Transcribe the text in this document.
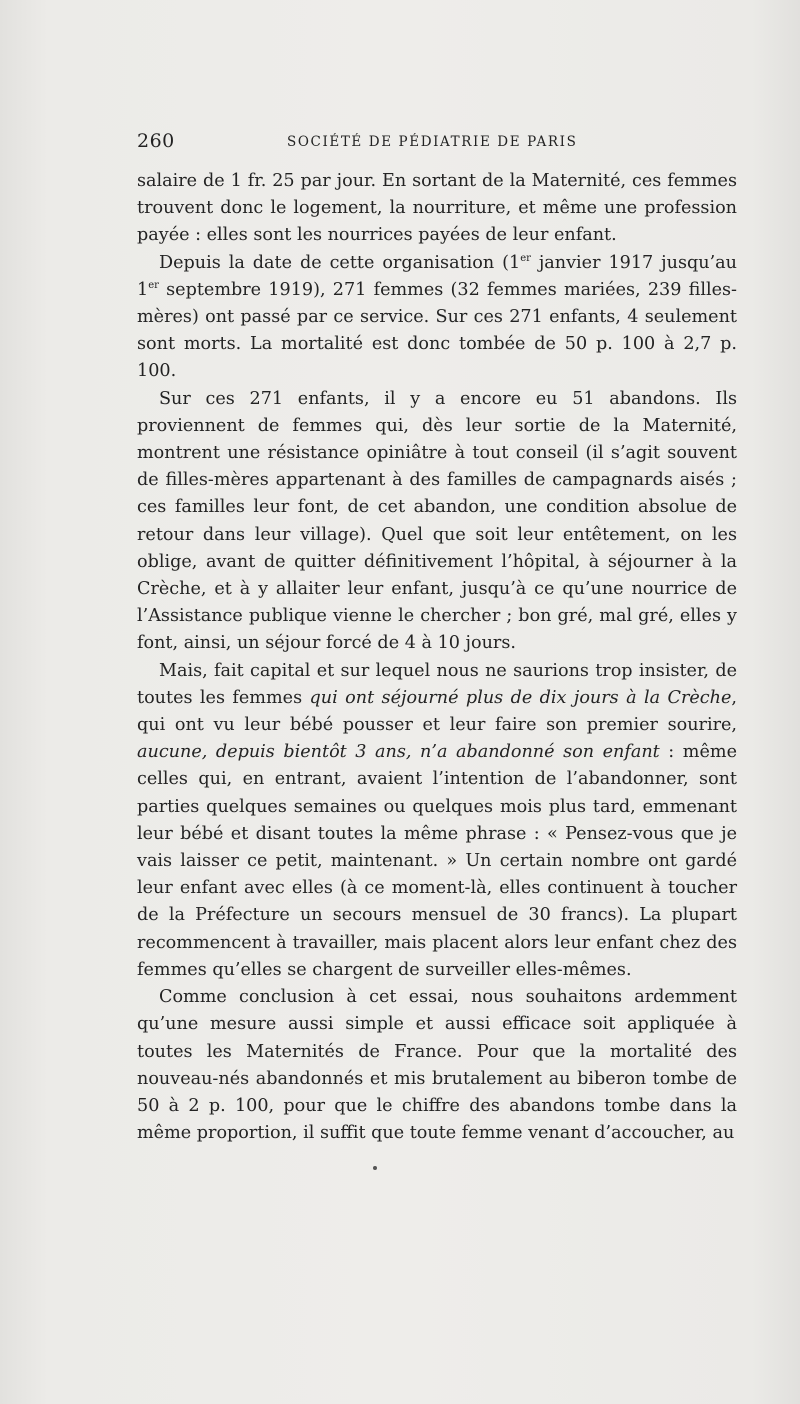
260	SOCIÉTÉ DE PÉDIATRIE DE PARIS

salaire de 1 fr. 25 par jour. En sortant de la Maternité, ces femmes trouvent donc le logement, la nourriture, et même une profession payée : elles sont les nourrices payées de leur enfant.

Depuis la date de cette organisation (1er janvier 1917 jusqu’au 1er septembre 1919), 271 femmes (32 femmes mariées, 239 filles-mères) ont passé par ce service. Sur ces 271 enfants, 4 seulement sont morts. La mortalité est donc tombée de 50 p. 100 à 2,7 p. 100.

Sur ces 271 enfants, il y a encore eu 51 abandons. Ils proviennent de femmes qui, dès leur sortie de la Maternité, montrent une résistance opiniâtre à tout conseil (il s’agit souvent de filles-mères appartenant à des familles de campagnards aisés ; ces familles leur font, de cet abandon, une condition absolue de retour dans leur village). Quel que soit leur entêtement, on les oblige, avant de quitter définitivement l’hôpital, à séjourner à la Crèche, et à y allaiter leur enfant, jusqu’à ce qu’une nourrice de l’Assistance publique vienne le chercher ; bon gré, mal gré, elles y font, ainsi, un séjour forcé de 4 à 10 jours.

Mais, fait capital et sur lequel nous ne saurions trop insister, de toutes les femmes qui ont séjourné plus de dix jours à la Crèche, qui ont vu leur bébé pousser et leur faire son premier sourire, aucune, depuis bientôt 3 ans, n’a abandonné son enfant : même celles qui, en entrant, avaient l’intention de l’abandonner, sont parties quelques semaines ou quelques mois plus tard, emmenant leur bébé et disant toutes la même phrase : « Pensez-vous que je vais laisser ce petit, maintenant. » Un certain nombre ont gardé leur enfant avec elles (à ce moment-là, elles continuent à toucher de la Préfecture un secours mensuel de 30 francs). La plupart recommencent à travailler, mais placent alors leur enfant chez des femmes qu’elles se chargent de surveiller elles-mêmes.

Comme conclusion à cet essai, nous souhaitons ardemment qu’une mesure aussi simple et aussi efficace soit appliquée à toutes les Maternités de France. Pour que la mortalité des nouveau-nés abandonnés et mis brutalement au biberon tombe de 50 à 2 p. 100, pour que le chiffre des abandons tombe dans la même proportion, il suffit que toute femme venant d’accoucher, au
